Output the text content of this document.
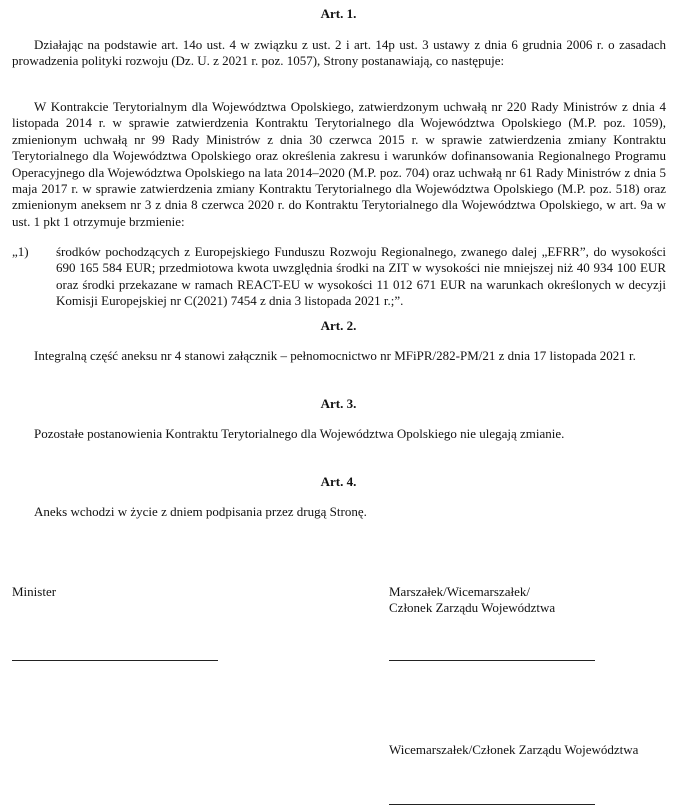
Art. 1.
Działając na podstawie art. 14o ust. 4 w związku z ust. 2 i art. 14p ust. 3 ustawy z dnia 6 grudnia 2006 r. o zasadach prowadzenia polityki rozwoju (Dz. U. z 2021 r. poz. 1057), Strony postanawiają, co następuje:
W Kontrakcie Terytorialnym dla Województwa Opolskiego, zatwierdzonym uchwałą nr 220 Rady Ministrów z dnia 4 listopada 2014 r. w sprawie zatwierdzenia Kontraktu Terytorialnego dla Województwa Opolskiego (M.P. poz. 1059), zmienionym uchwałą nr 99 Rady Ministrów z dnia 30 czerwca 2015 r. w sprawie zatwierdzenia zmiany Kontraktu Terytorialnego dla Województwa Opolskiego oraz określenia zakresu i warunków dofinansowania Regionalnego Programu Operacyjnego dla Województwa Opolskiego na lata 2014–2020 (M.P. poz. 704) oraz uchwałą nr 61 Rady Ministrów z dnia 5 maja 2017 r. w sprawie zatwierdzenia zmiany Kontraktu Terytorialnego dla Województwa Opolskiego (M.P. poz. 518) oraz zmienionym aneksem nr 3 z dnia 8 czerwca 2020 r. do Kontraktu Terytorialnego dla Województwa Opolskiego, w art. 9a w ust. 1 pkt 1 otrzymuje brzmienie:
„1)	środków pochodzących z Europejskiego Funduszu Rozwoju Regionalnego, zwanego dalej „EFRR”, do wysokości 690 165 584 EUR; przedmiotowa kwota uwzględnia środki na ZIT w wysokości nie mniejszej niż 40 934 100 EUR oraz środki przekazane w ramach REACT-EU w wysokości 11 012 671 EUR na warunkach określonych w decyzji Komisji Europejskiej nr C(2021) 7454 z dnia 3 listopada 2021 r.;”.
Art. 2.
Integralną część aneksu nr 4 stanowi załącznik – pełnomocnictwo nr MFiPR/282-PM/21 z dnia 17 listopada 2021 r.
Art. 3.
Pozostałe postanowienia Kontraktu Terytorialnego dla Województwa Opolskiego nie ulegają zmianie.
Art. 4.
Aneks wchodzi w życie z dniem podpisania przez drugą Stronę.
Minister	Marszałek/Wicemarszałek/
Członek Zarządu Województwa
Wicemarszałek/Członek Zarządu Województwa
